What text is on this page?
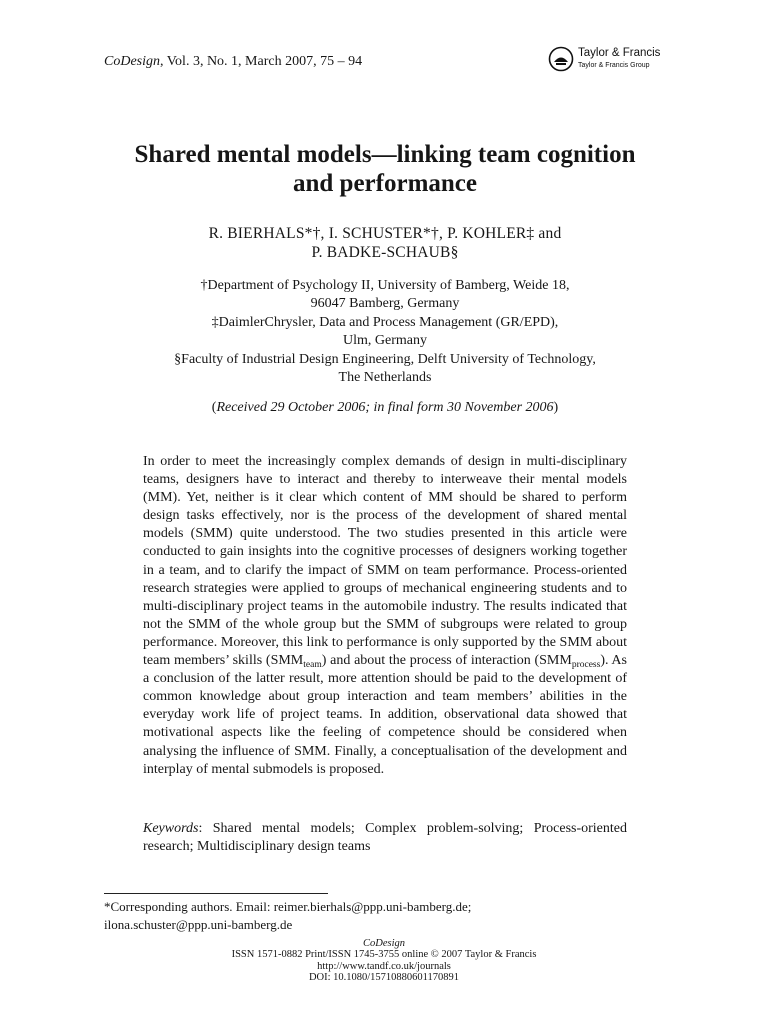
CoDesign, Vol. 3, No. 1, March 2007, 75 – 94
Taylor & Francis
Taylor & Francis Group
Shared mental models—linking team cognition
and performance
R. BIERHALS*†, I. SCHUSTER*†, P. KOHLER‡ and
P. BADKE-SCHAUB§
†Department of Psychology II, University of Bamberg, Weide 18,
96047 Bamberg, Germany
‡DaimlerChrysler, Data and Process Management (GR/EPD),
Ulm, Germany
§Faculty of Industrial Design Engineering, Delft University of Technology,
The Netherlands
(Received 29 October 2006; in final form 30 November 2006)

In order to meet the increasingly complex demands of design in multi-disciplinary teams, designers have to interact and thereby to interweave their mental models (MM). Yet, neither is it clear which content of MM should be shared to perform design tasks effectively, nor is the process of the development of shared mental models (SMM) quite understood. The two studies presented in this article were conducted to gain insights into the cognitive processes of designers working together in a team, and to clarify the impact of SMM on team performance. Process-oriented research strategies were applied to groups of mechanical engineering students and to multi-disciplinary project teams in the automobile industry. The results indicated that not the SMM of the whole group but the SMM of subgroups were related to group performance. Moreover, this link to performance is only supported by the SMM about team members’ skills $(SMM_{team})$ and about the process of interaction $(SMM_{process})$. As a conclusion of the latter result, more attention should be paid to the development of common knowledge about group interaction and team members’ abilities in the everyday work life of project teams. In addition, observational data showed that motivational aspects like the feeling of competence should be considered when analysing the influence of SMM. Finally, a conceptualisation of the development and interplay of mental submodels is proposed.

Keywords: Shared mental models; Complex problem-solving; Process-oriented research; Multidisciplinary design teams
*Corresponding authors. Email: reimer.bierhals@ppp.uni-bamberg.de;
ilona.schuster@ppp.uni-bamberg.de
CoDesign
ISSN 1571-0882 Print/ISSN 1745-3755 online © 2007 Taylor & Francis
http://www.tandf.co.uk/journals
DOI: 10.1080/15710880601170891
